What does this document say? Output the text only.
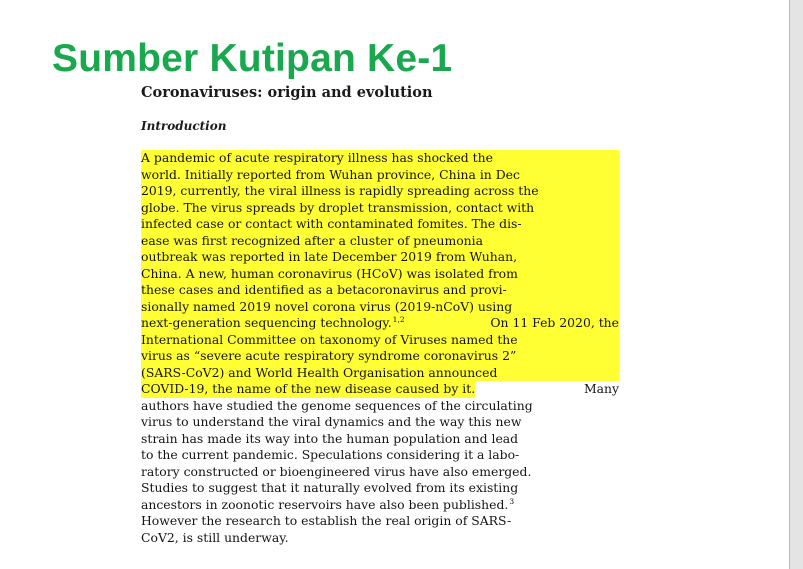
Sumber Kutipan Ke-1
Coronaviruses: origin and evolution
Introduction
A pandemic of acute respiratory illness has shocked the
world. Initially reported from Wuhan province, China in Dec
2019, currently, the viral illness is rapidly spreading across the
globe. The virus spreads by droplet transmission, contact with
infected case or contact with contaminated fomites. The dis-
ease was first recognized after a cluster of pneumonia
outbreak was reported in late December 2019 from Wuhan,
China. A new, human coronavirus (HCoV) was isolated from
these cases and identified as a betacoronavirus and provi-
sionally named 2019 novel corona virus (2019-nCoV) using
next-generation sequencing technology.$^{1,2}$	On 11 Feb 2020, the
International Committee on taxonomy of Viruses named the
virus as “severe acute respiratory syndrome coronavirus 2”
(SARS-CoV2) and World Health Organisation announced
COVID-19, the name of the new disease caused by it.	Many
authors have studied the genome sequences of the circulating
virus to understand the viral dynamics and the way this new
strain has made its way into the human population and lead
to the current pandemic. Speculations considering it a labo-
ratory constructed or bioengineered virus have also emerged.
Studies to suggest that it naturally evolved from its existing
ancestors in zoonotic reservoirs have also been published.$^3$
However the research to establish the real origin of SARS-
CoV2, is still underway.
